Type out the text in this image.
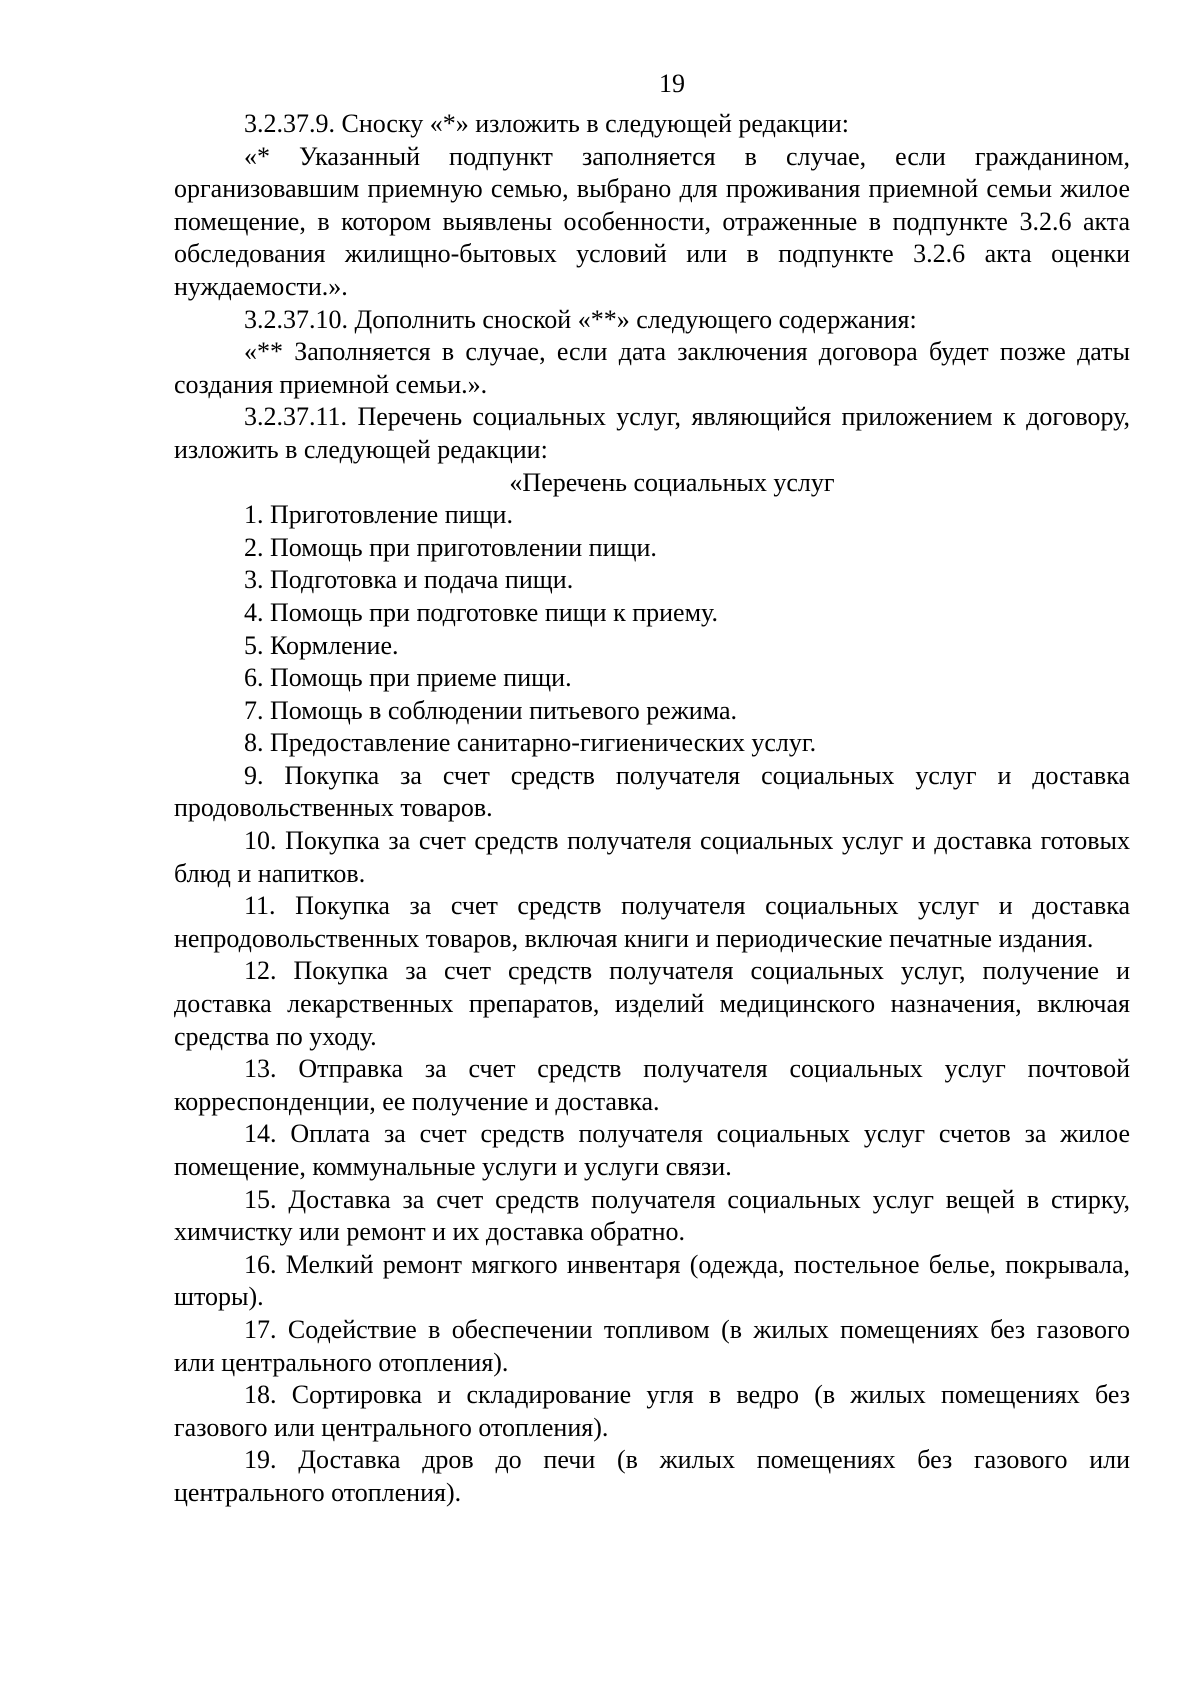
19

3.2.37.9. Сноску «*» изложить в следующей редакции:

«* Указанный подпункт заполняется в случае, если гражданином, организовавшим приемную семью, выбрано для проживания приемной семьи жилое помещение, в котором выявлены особенности, отраженные в подпункте 3.2.6 акта обследования жилищно-бытовых условий или в подпункте 3.2.6 акта оценки нуждаемости.».

3.2.37.10. Дополнить сноской «**» следующего содержания:

«** Заполняется в случае, если дата заключения договора будет позже даты создания приемной семьи.».

3.2.37.11. Перечень социальных услуг, являющийся приложением к договору, изложить в следующей редакции:

«Перечень социальных услуг

1. Приготовление пищи.

2. Помощь при приготовлении пищи.

3. Подготовка и подача пищи.

4. Помощь при подготовке пищи к приему.

5. Кормление.

6. Помощь при приеме пищи.

7. Помощь в соблюдении питьевого режима.

8. Предоставление санитарно-гигиенических услуг.

9. Покупка за счет средств получателя социальных услуг и доставка продовольственных товаров.

10. Покупка за счет средств получателя социальных услуг и доставка готовых блюд и напитков.

11. Покупка за счет средств получателя социальных услуг и доставка непродовольственных товаров, включая книги и периодические печатные издания.

12. Покупка за счет средств получателя социальных услуг, получение и доставка лекарственных препаратов, изделий медицинского назначения, включая средства по уходу.

13. Отправка за счет средств получателя социальных услуг почтовой корреспонденции, ее получение и доставка.

14. Оплата за счет средств получателя социальных услуг счетов за жилое помещение, коммунальные услуги и услуги связи.

15. Доставка за счет средств получателя социальных услуг вещей в стирку, химчистку или ремонт и их доставка обратно.

16. Мелкий ремонт мягкого инвентаря (одежда, постельное белье, покрывала, шторы).

17. Содействие в обеспечении топливом (в жилых помещениях без газового или центрального отопления).

18. Сортировка и складирование угля в ведро (в жилых помещениях без газового или центрального отопления).

19. Доставка дров до печи (в жилых помещениях без газового или центрального отопления).
